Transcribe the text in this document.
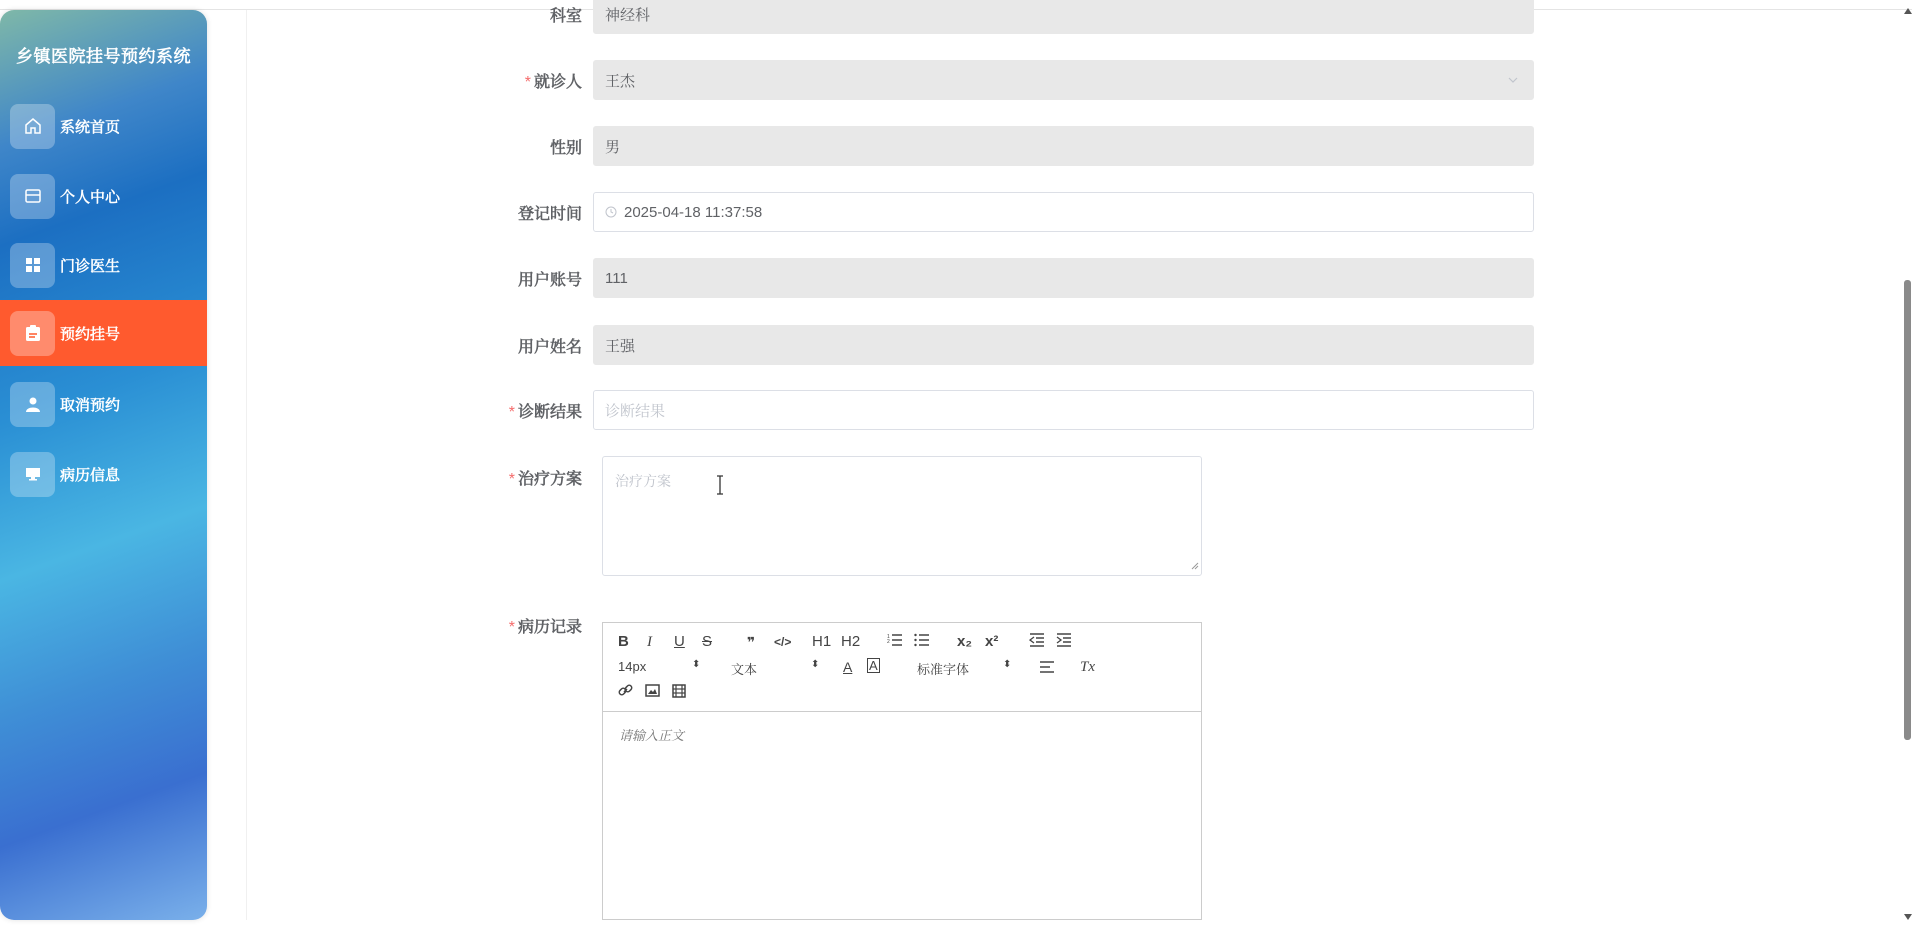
乡镇医院挂号预约系统
系统首页
个人中心
门诊医生
预约挂号
取消预约
病历信息
科室	神经科
* 就诊人	王杰
性别	男
登记时间	2025-04-18 11:37:58
用户账号	111
用户姓名	王强
* 诊断结果	诊断结果
* 治疗方案	治疗方案
* 病历记录
B I U S ❞ </> H1 H2	1
2	x₂ x²
14px	⬍ 文本	⬍ A A	标准字体	⬍	Tx
请输入正文
